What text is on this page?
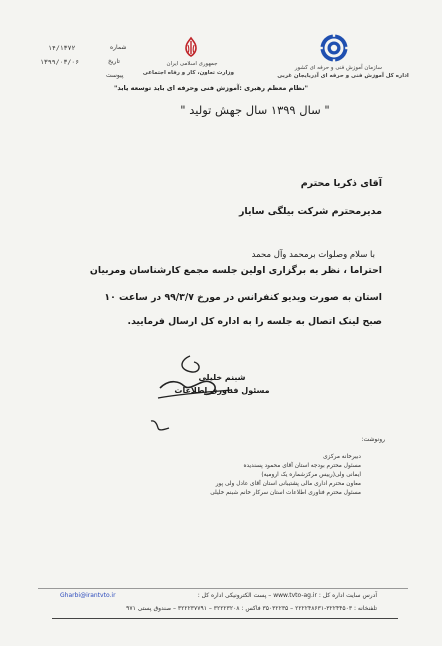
شماره
۱۴/۱۳۷۲
تاریخ
۱۳۹۹/۰۳/۰۶
پیوست
جمهوری اسلامی ایران
وزارت تعاون، کار و رفاه اجتماعی
سازمان آموزش فنی و حرفه ای کشور
اداره کل آموزش فنی و حرفه ای آذربایجان غربی
"نظام معظم رهبری :آموزش فنی وحرفه ای باید توسعه یابد"
" سال ۱۳۹۹ سال جهش تولید "
آقای ذکریا محترم
مدیرمحترم شرکت بیلگی سایار
با سلام وصلوات برمحمد وآل محمد
احتراما ، نظر به برگزاری اولین جلسه مجمع کارشناسان ومربیان
استان به صورت ویدیو کنفرانس در مورخ ۹۹/۳/۷ در ساعت ۱۰
صبح لینک اتصال به جلسه را به اداره کل ارسال فرمایید.
شبنم خلیلی
مسئول فناوری اطلاعات
رونوشت:
دبیرخانه مرکزی
مسئول محترم بودجه استان آقای محمود پسندیده
ایمانی ولی(رییس مرکزشماره یک ارومیه)
معاون محترم اداری مالی پشتیبانی استان آقای عادل ولی پور
مسئول محترم فناوری اطلاعات استان سرکار خانم شبنم خلیلی
Gharbi@irantvto.ir	آدرس سایت اداره کل : www.tvto-ag.ir – پست الکترونیکی اداره کل :
تلفنخانه : ۳۲۲۴۴۵۰۳-۲۲۲۲۴۸۶۳۱ – ۳۵۰۳۲۲۳۵ فاکس : ۳۲۲۲۳۲۰۸ – ۳۲۲۲۳۷۷۹۱ – صندوق پستی ۹۷۱
